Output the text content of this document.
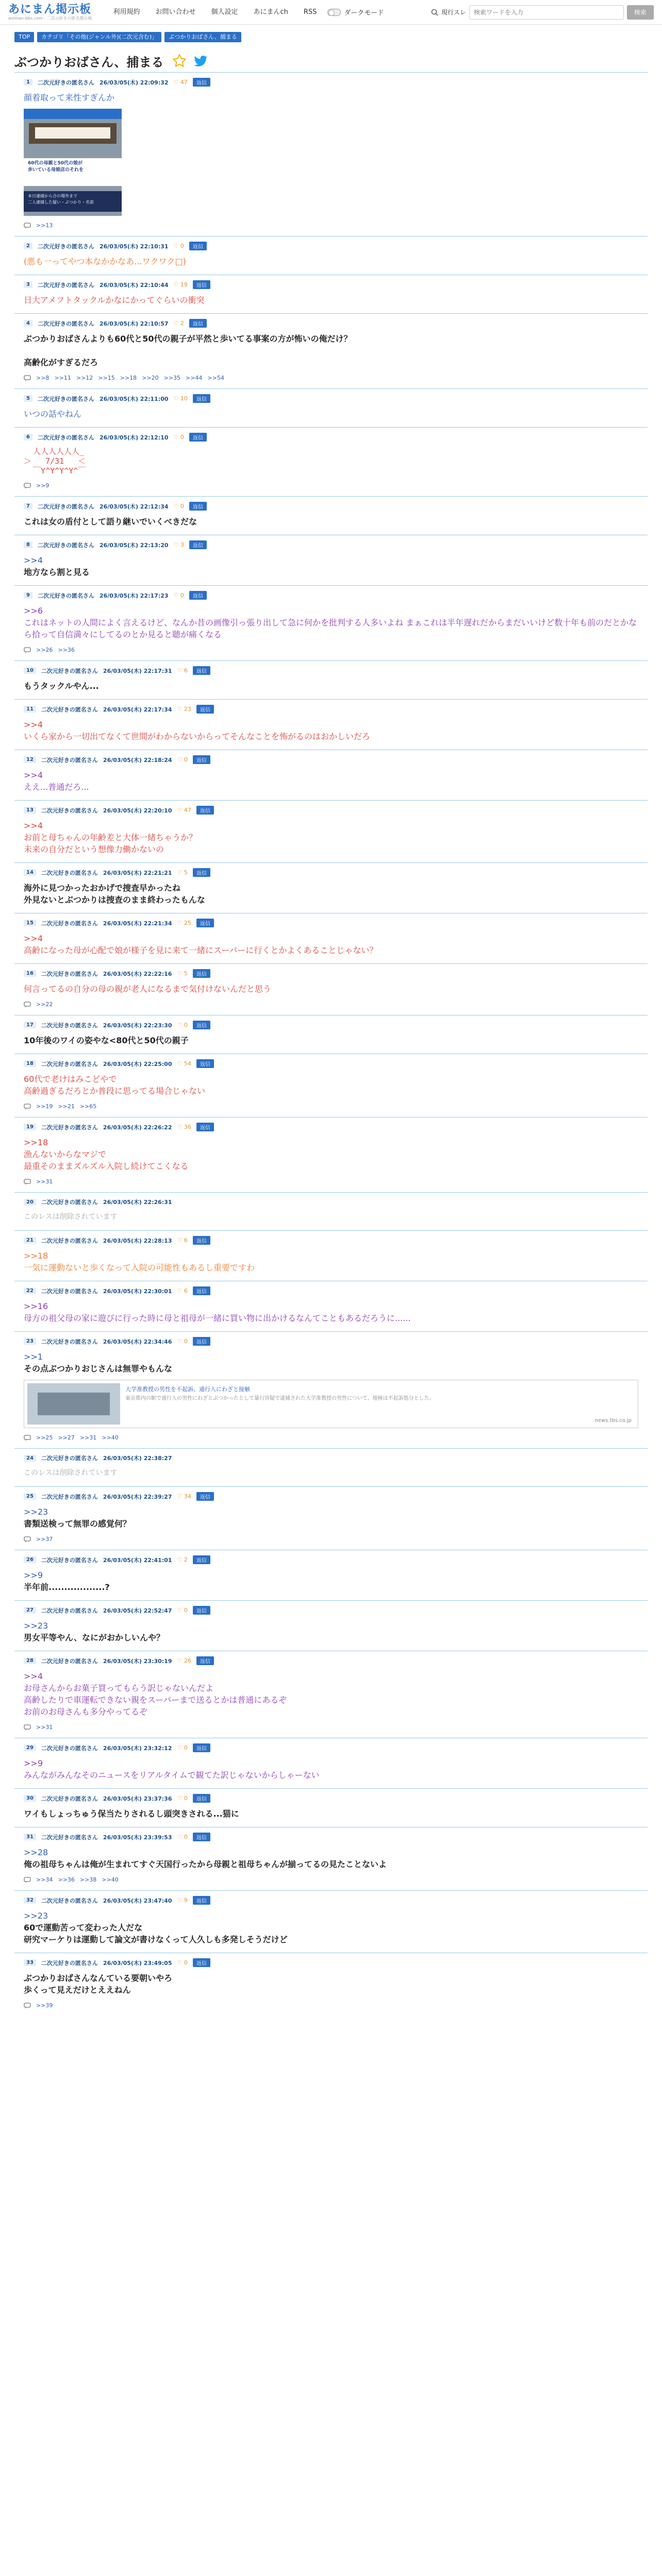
あにまん掲示板
animan-bbs.com · 二次元好きの匿名掲示板
利用規約	お問い合わせ	個人設定	あにまんch	RSS	ダークモード	現行スレ
検索ワードを入力	検索
TOP	カテゴリ「その他(ジャンル外)(二次元含む)」	ぶつかりおばさん、捕まる
ぶつかりおばさん、捕まる
1	二次元好きの匿名さん 26/03/05(木) 22:09:32 ♡ 47	返信
顔着取って来性すぎんか
60代の母親と50代の娘が
歩いている母娘店のそれを
本日逮捕から合の場外まで
二人逮捕した疑い・ぶつかり・名前
>>13
2	二次元好きの匿名さん 26/03/05(木) 22:10:31 ♡ 0	返信
(悪も一ってやつ本なかかなあ...ワクワク□)
3	二次元好きの匿名さん 26/03/05(木) 22:10:44 ♡ 19	返信
日大アメフトタックルかなにかってぐらいの衝突
4	二次元好きの匿名さん 26/03/05(木) 22:10:57 ♡ 2	返信
ぶつかりおばさんよりも60代と50代の親子が平然と歩いてる事案の方が怖いの俺だけ？
高齢化がすぎるだろ
>>8 >>11 >>12 >>15 >>18 >>20 >>35 >>44 >>54
5	二次元好きの匿名さん 26/03/05(木) 22:11:00 ♡ 10	返信
いつの話やねん
6	二次元好きの匿名さん 26/03/05(木) 22:12:10 ♡ 0	返信
人人人人人人_
＞   7/31   ＜
￣Y^Y^Y^Y^￣
>>9
7	二次元好きの匿名さん 26/03/05(木) 22:12:34 ♡ 0	返信
これは女の盾付として語り継いでいくべきだな
8	二次元好きの匿名さん 26/03/05(木) 22:13:20 ♡ 3	返信
>>4
地方なら割と見る
9	二次元好きの匿名さん 26/03/05(木) 22:17:23 ♡ 0	返信
>>6
これはネットの人間によく言えるけど、なんか昔の画像引っ張り出して急に何かを批判する人多いよね まぁこれは半年遅れだからまだいいけど数十年も前のだとかなら拾って自信満々にしてるのとか見ると聴が痛くなる
>>26 >>36
10	二次元好きの匿名さん 26/03/05(木) 22:17:31 ♡ 6	返信
もうタックルやん...
11	二次元好きの匿名さん 26/03/05(木) 22:17:34 ♡ 23	返信
>>4
いくら家から一切出てなくて世間がわからないからってそんなことを怖がるのはおかしいだろ
12	二次元好きの匿名さん 26/03/05(木) 22:18:24 ♡ 0	返信
>>4
ええ...普通だろ...
13	二次元好きの匿名さん 26/03/05(木) 22:20:10 ♡ 47	返信
>>4
お前と母ちゃんの年齢差と大体一緒ちゃうか？
未来の自分だという想像力働かないの
14	二次元好きの匿名さん 26/03/05(木) 22:21:21 ♡ 5	返信
海外に見つかったおかげで捜査早かったね
外見ないとぶつかりは捜査のまま終わったもんな
15	二次元好きの匿名さん 26/03/05(木) 22:21:34 ♡ 25	返信
>>4
高齢になった母が心配で娘が様子を見に来て一緒にスーパーに行くとかよくあることじゃない？
16	二次元好きの匿名さん 26/03/05(木) 22:22:16 ♡ 5	返信
何言ってるの自分の母の親が老人になるまで気付けないんだと思う
>>22
17	二次元好きの匿名さん 26/03/05(木) 22:23:30 ♡ 0	返信
10年後のワイの姿やな<80代と50代の親子
18	二次元好きの匿名さん 26/03/05(木) 22:25:00 ♡ 54	返信
60代で老けはみこどやで
高齢過ぎるだろとか普段に思ってる場合じゃない
>>19 >>21 >>65
19	二次元好きの匿名さん 26/03/05(木) 22:26:22 ♡ 36	返信
>>18
漁んないからなマジで
最重そのままズルズル入院し続けてこくなる
>>31
20	二次元好きの匿名さん 26/03/05(木) 22:26:31
このレスは削除されています
21	二次元好きの匿名さん 26/03/05(木) 22:28:13 ♡ 6	返信
>>18
一気に運動ないと歩くなって入院の可能性もあるし重要ですわ
22	二次元好きの匿名さん 26/03/05(木) 22:30:01 ♡ 6	返信
>>16
母方の祖父母の家に遊びに行った時に母と祖母が一緒に買い物に出かけるなんてこともあるだろうに......
23	二次元好きの匿名さん 26/03/05(木) 22:34:46 ♡ 0	返信
>>1
その点ぶつかりおじさんは無罪やもんな
大学准教授の男性を不起訴、通行人にわざと接触
東京都内の駅で通行人の男性にわざとぶつかったとして暴行容疑で逮捕された大学准教授の男性について、地検は不起訴処分とした。
news.tbs.co.jp
>>25 >>27 >>31 >>40
24	二次元好きの匿名さん 26/03/05(木) 22:38:27
このレスは削除されています
25	二次元好きの匿名さん 26/03/05(木) 22:39:27 ♡ 34	返信
>>23
書類送検って無罪の感覚何？
>>37
26	二次元好きの匿名さん 26/03/05(木) 22:41:01 ♡ 2	返信
>>9
半年前..................?
27	二次元好きの匿名さん 26/03/05(木) 22:52:47 ♡ 0	返信
>>23
男女平等やん、なにがおかしいんや？
28	二次元好きの匿名さん 26/03/05(木) 23:30:19 ♡ 26	返信
>>4
お母さんからお菓子買ってもらう訳じゃないんだよ
高齢したりで車運転できない親をスーパーまで送るとかは普通にあるぞ
お前のお母さんも多分やってるぞ
>>31
29	二次元好きの匿名さん 26/03/05(木) 23:32:12 ♡ 0	返信
>>9
みんながみんなそのニュースをリアルタイムで観てた訳じゃないからしゃーない
30	二次元好きの匿名さん 26/03/05(木) 23:37:36 ♡ 0	返信
ワイもしょっちゅう保当たりされるし頭突きされる...猫に
31	二次元好きの匿名さん 26/03/05(木) 23:39:53 ♡ 0	返信
>>28
俺の祖母ちゃんは俺が生まれてすぐ天国行ったから母親と祖母ちゃんが揃ってるの見たことないよ
>>34 >>36 >>38 >>40
32	二次元好きの匿名さん 26/03/05(木) 23:47:40 ♡ 9	返信
>>23
60で運動苦って変わった人だな
研究マーケりは運動して論文が書けなくって人久しも多発しそうだけど
33	二次元好きの匿名さん 26/03/05(木) 23:49:05 ♡ 0	返信
ぶつかりおばさんなんている要朝いやろ
歩くって見えだけとええねん
>>39
